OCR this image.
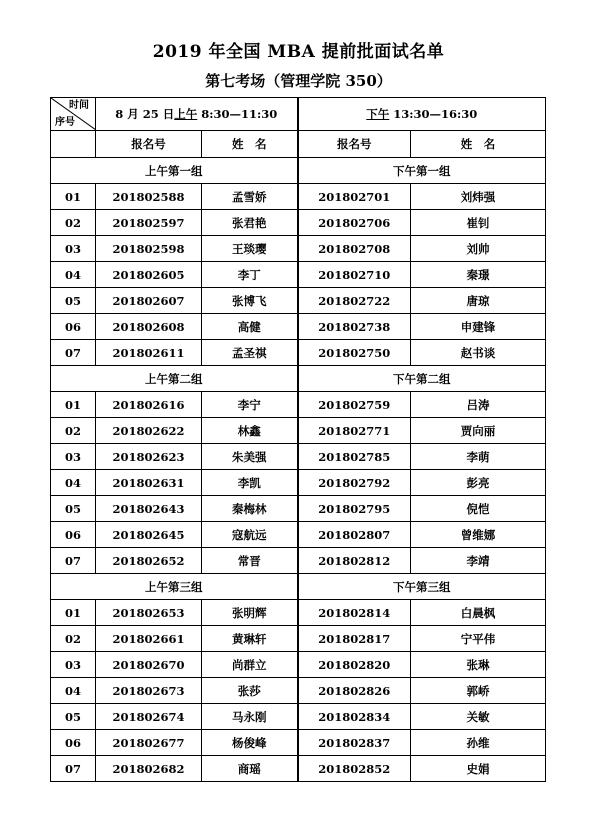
2019 年全国 MBA 提前批面试名单
第七考场（管理学院 350）
时间
序号	8 月 25 日上午 8:30—11:30		下午 13:30—16:30	
	报名号	姓　名	报名号	姓　名
上午第一组			下午第一组	
01	201802588	孟雪娇	201802701	刘炜强
02	201802597	张君艳	201802706	崔钊
03	201802598	王琰璎	201802708	刘帅
04	201802605	李丁	201802710	秦璟
05	201802607	张博飞	201802722	唐琼
06	201802608	高健	201802738	申建锋
07	201802611	孟圣祺	201802750	赵书谈
上午第二组			下午第二组	
01	201802616	李宁	201802759	吕涛
02	201802622	林鑫	201802771	贾向丽
03	201802623	朱美强	201802785	李萌
04	201802631	李凯	201802792	彭亮
05	201802643	秦梅林	201802795	倪恺
06	201802645	寇航远	201802807	曾维娜
07	201802652	常晋	201802812	李靖
上午第三组			下午第三组	
01	201802653	张明辉	201802814	白晨枫
02	201802661	黄琳轩	201802817	宁平伟
03	201802670	尚群立	201802820	张琳
04	201802673	张莎	201802826	郭峤
05	201802674	马永刚	201802834	关敏
06	201802677	杨俊峰	201802837	孙维
07	201802682	商瑶	201802852	史娟
